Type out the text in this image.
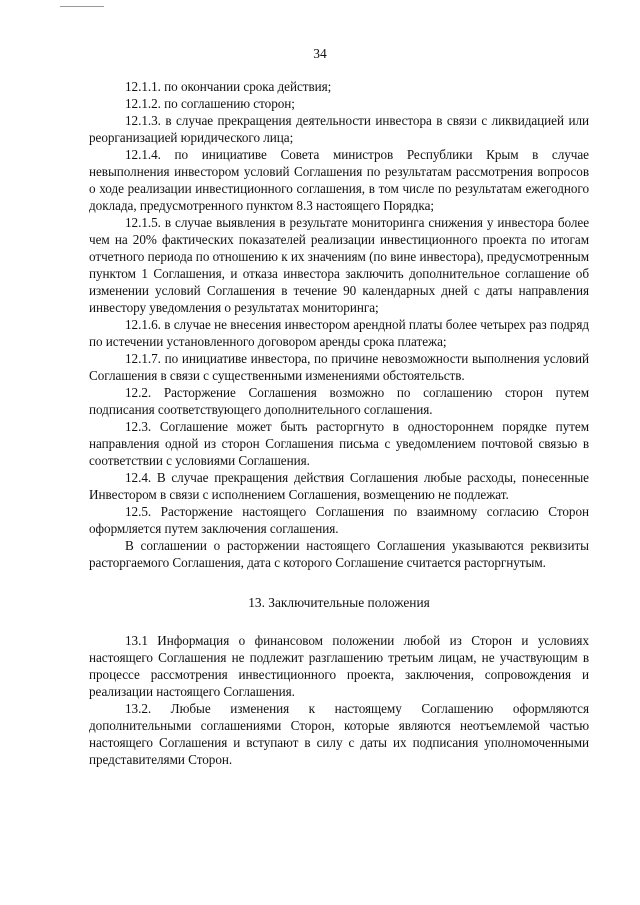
34

12.1.1. по окончании срока действия;

12.1.2. по соглашению сторон;

12.1.3. в случае прекращения деятельности инвестора в связи с ликвидацией или реорганизацией юридического лица;

12.1.4. по инициативе Совета министров Республики Крым в случае невыполнения инвестором условий Соглашения по результатам рассмотрения вопросов о ходе реализации инвестиционного соглашения, в том числе по результатам ежегодного доклада, предусмотренного пунктом 8.3 настоящего Порядка;

12.1.5. в случае выявления в результате мониторинга снижения у инвестора более чем на 20% фактических показателей реализации инвестиционного проекта по итогам отчетного периода по отношению к их значениям (по вине инвестора), предусмотренным пунктом 1 Соглашения, и отказа инвестора заключить дополнительное соглашение об изменении условий Соглашения в течение 90 календарных дней с даты направления инвестору уведомления о результатах мониторинга;

12.1.6. в случае не внесения инвестором арендной платы более четырех раз подряд по истечении установленного договором аренды срока платежа;

12.1.7. по инициативе инвестора, по причине невозможности выполнения условий Соглашения в связи с существенными изменениями обстоятельств.

12.2. Расторжение Соглашения возможно по соглашению сторон путем подписания соответствующего дополнительного соглашения.

12.3. Соглашение может быть расторгнуто в одностороннем порядке путем направления одной из сторон Соглашения письма с уведомлением почтовой связью в соответствии с условиями Соглашения.

12.4. В случае прекращения действия Соглашения любые расходы, понесенные Инвестором в связи с исполнением Соглашения, возмещению не подлежат.

12.5. Расторжение настоящего Соглашения по взаимному согласию Сторон оформляется путем заключения соглашения.

В соглашении о расторжении настоящего Соглашения указываются реквизиты расторгаемого Соглашения, дата с которого Соглашение считается расторгнутым.

13. Заключительные положения

13.1 Информация о финансовом положении любой из Сторон и условиях настоящего Соглашения не подлежит разглашению третьим лицам, не участвующим в процессе рассмотрения инвестиционного проекта, заключения, сопровождения и реализации настоящего Соглашения.

13.2. Любые изменения к настоящему Соглашению оформляются дополнительными соглашениями Сторон, которые являются неотъемлемой частью настоящего Соглашения и вступают в силу с даты их подписания уполномоченными представителями Сторон.
